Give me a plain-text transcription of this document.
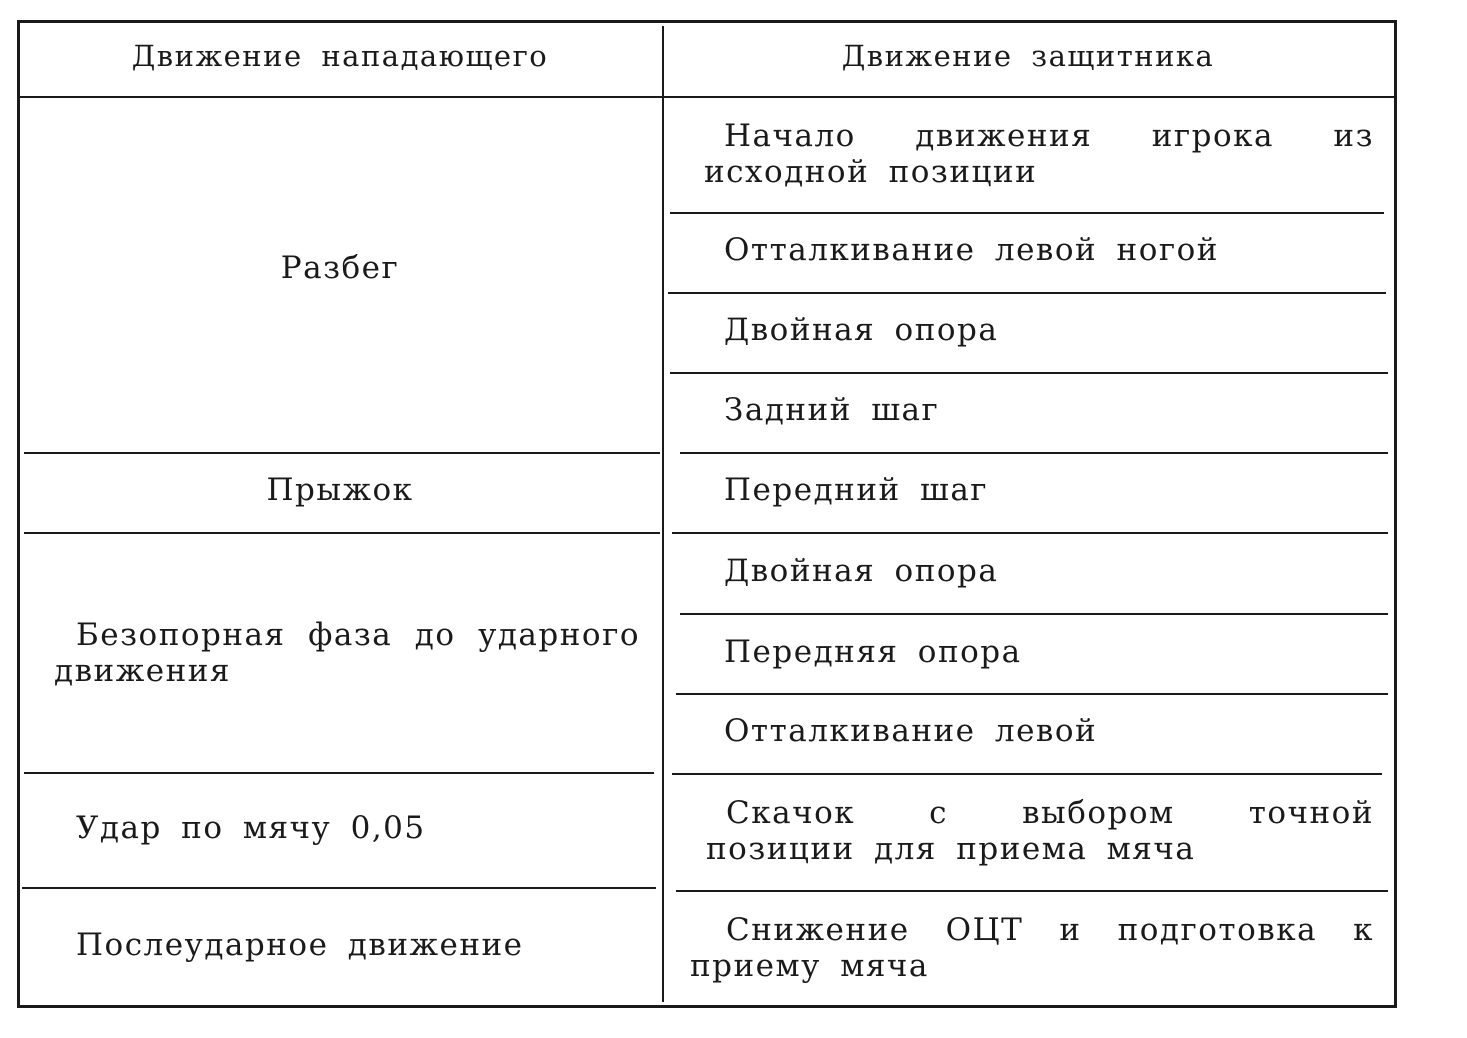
Движение нападающего	Движение защитника
Разбег
Прыжок
Безопорная фаза до ударного движения
Удар по мячу 0,05
Послеударное движение
Начало движения игрока из исходной позиции
Отталкивание левой ногой
Двойная опора
Задний шаг
Передний шаг
Двойная опора
Передняя опора
Отталкивание левой
Скачок с выбором точной позиции для приема мяча
Снижение ОЦТ и подготовка к приему мяча
